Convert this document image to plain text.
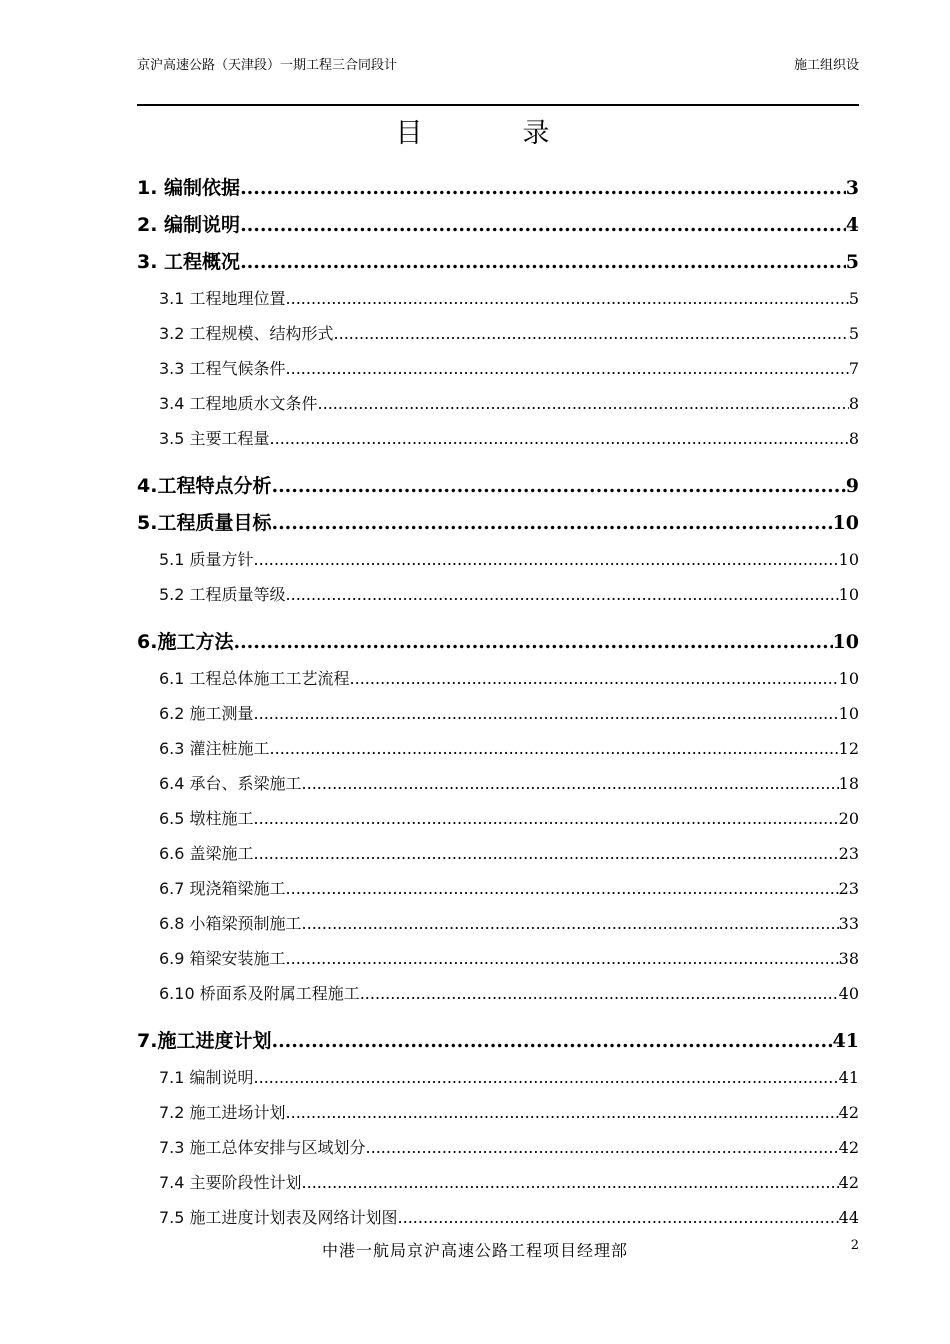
京沪高速公路（天津段）一期工程三合同段计	施工组织设
目录
1. 编制依据 .....	3
2. 编制说明 .....	4
3. 工程概况 .....	5
3.1 工程地理位置 .....	5
3.2 工程规模、结构形式 .....	5
3.3 工程气候条件 .....	7
3.4 工程地质水文条件 .....	8
3.5 主要工程量 .....	8
4.工程特点分析 .....	9
5.工程质量目标 .....	10
5.1 质量方针 .....	10
5.2 工程质量等级 .....	10
6.施工方法 .....	10
6.1 工程总体施工工艺流程 .....	10
6.2 施工测量 .....	10
6.3 灌注桩施工 .....	12
6.4 承台、系梁施工 .....	18
6.5 墩柱施工 .....	20
6.6 盖梁施工 .....	23
6.7 现浇箱梁施工 .....	23
6.8 小箱梁预制施工 .....	33
6.9 箱梁安装施工 .....	38
6.10 桥面系及附属工程施工 .....	40
7.施工进度计划 .....	41
7.1 编制说明 .....	41
7.2 施工进场计划 .....	42
7.3 施工总体安排与区域划分 .....	42
7.4 主要阶段性计划 .....	42
7.5 施工进度计划表及网络计划图 .....	44
中港一航局京沪高速公路工程项目经理部	2
